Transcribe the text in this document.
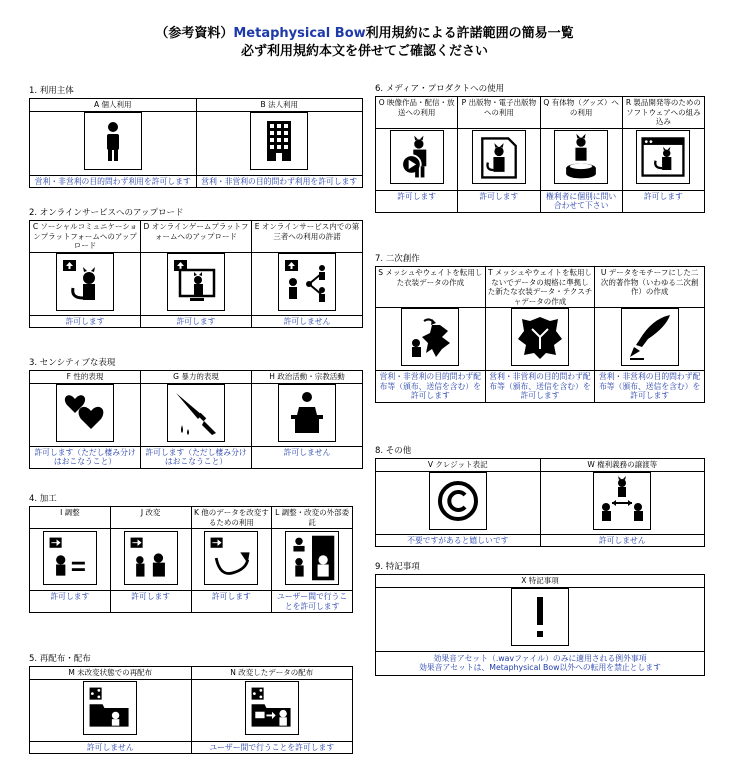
（参考資料）Metaphysical Bow利用規約による許諾範囲の簡易一覧
必ず利用規約本文を併せてご確認ください
1. 利用主体
A 個人利用	B 法人利用

営利・非営利の目的問わず利用を許可します	営利・非営利の目的問わず利用を許可します
2. オンラインサービスへのアップロード
C ソーシャルコミュニケーションプラットフォームへのアップロード	D オンラインゲームプラットフォームへのアップロード	E オンラインサービス内での第三者への利用の許諾

許可します	許可します	許可しません
3. センシティブな表現
F 性的表現	G 暴力的表現	H 政治活動・宗教活動

許可します（ただし棲み分けはおこなうこと）	許可します（ただし棲み分けはおこなうこと）	許可しません
4. 加工
I 調整	J 改変	K 他のデータを改変するための利用	L 調整・改変の外部委託

許可します	許可します	許可します	ユーザー間で行うことを許可します
5. 再配布・配布
M 未改変状態での再配布	N 改変したデータの配布

許可しません	ユーザー間で行うことを許可します
6. メディア・プロダクトへの使用
O 映像作品・配信・放送への利用	P 出版物・電子出版物への利用	Q 有体物（グッズ）への利用	R 製品開発等のためのソフトウェアへの組み込み

許可します	許可します	権利者に個別に問い合わせて下さい	許可します
7. 二次創作
S メッシュやウェイトを転用した衣装データの作成	T メッシュやウェイトを転用しないでデータの規格に準拠した新たな衣装データ・テクスチャデータの作成	U データをモチーフにした二次的著作物（いわゆる二次創作）の作成

営利・非営利の目的問わず配布等（頒布、送信を含む）を許可します	営利・非営利の目的問わず配布等（頒布、送信を含む）を許可します	営利・非営利の目的問わず配布等（頒布、送信を含む）を許可します
8. その他
V クレジット表記	W 権利義務の譲渡等

不要ですがあると嬉しいです	許可しません
9. 特記事項
X 特記事項

効果音アセット（.wavファイル）のみに適用される例外事項
効果音アセットは、Metaphysical Bow以外への転用を禁止とします
